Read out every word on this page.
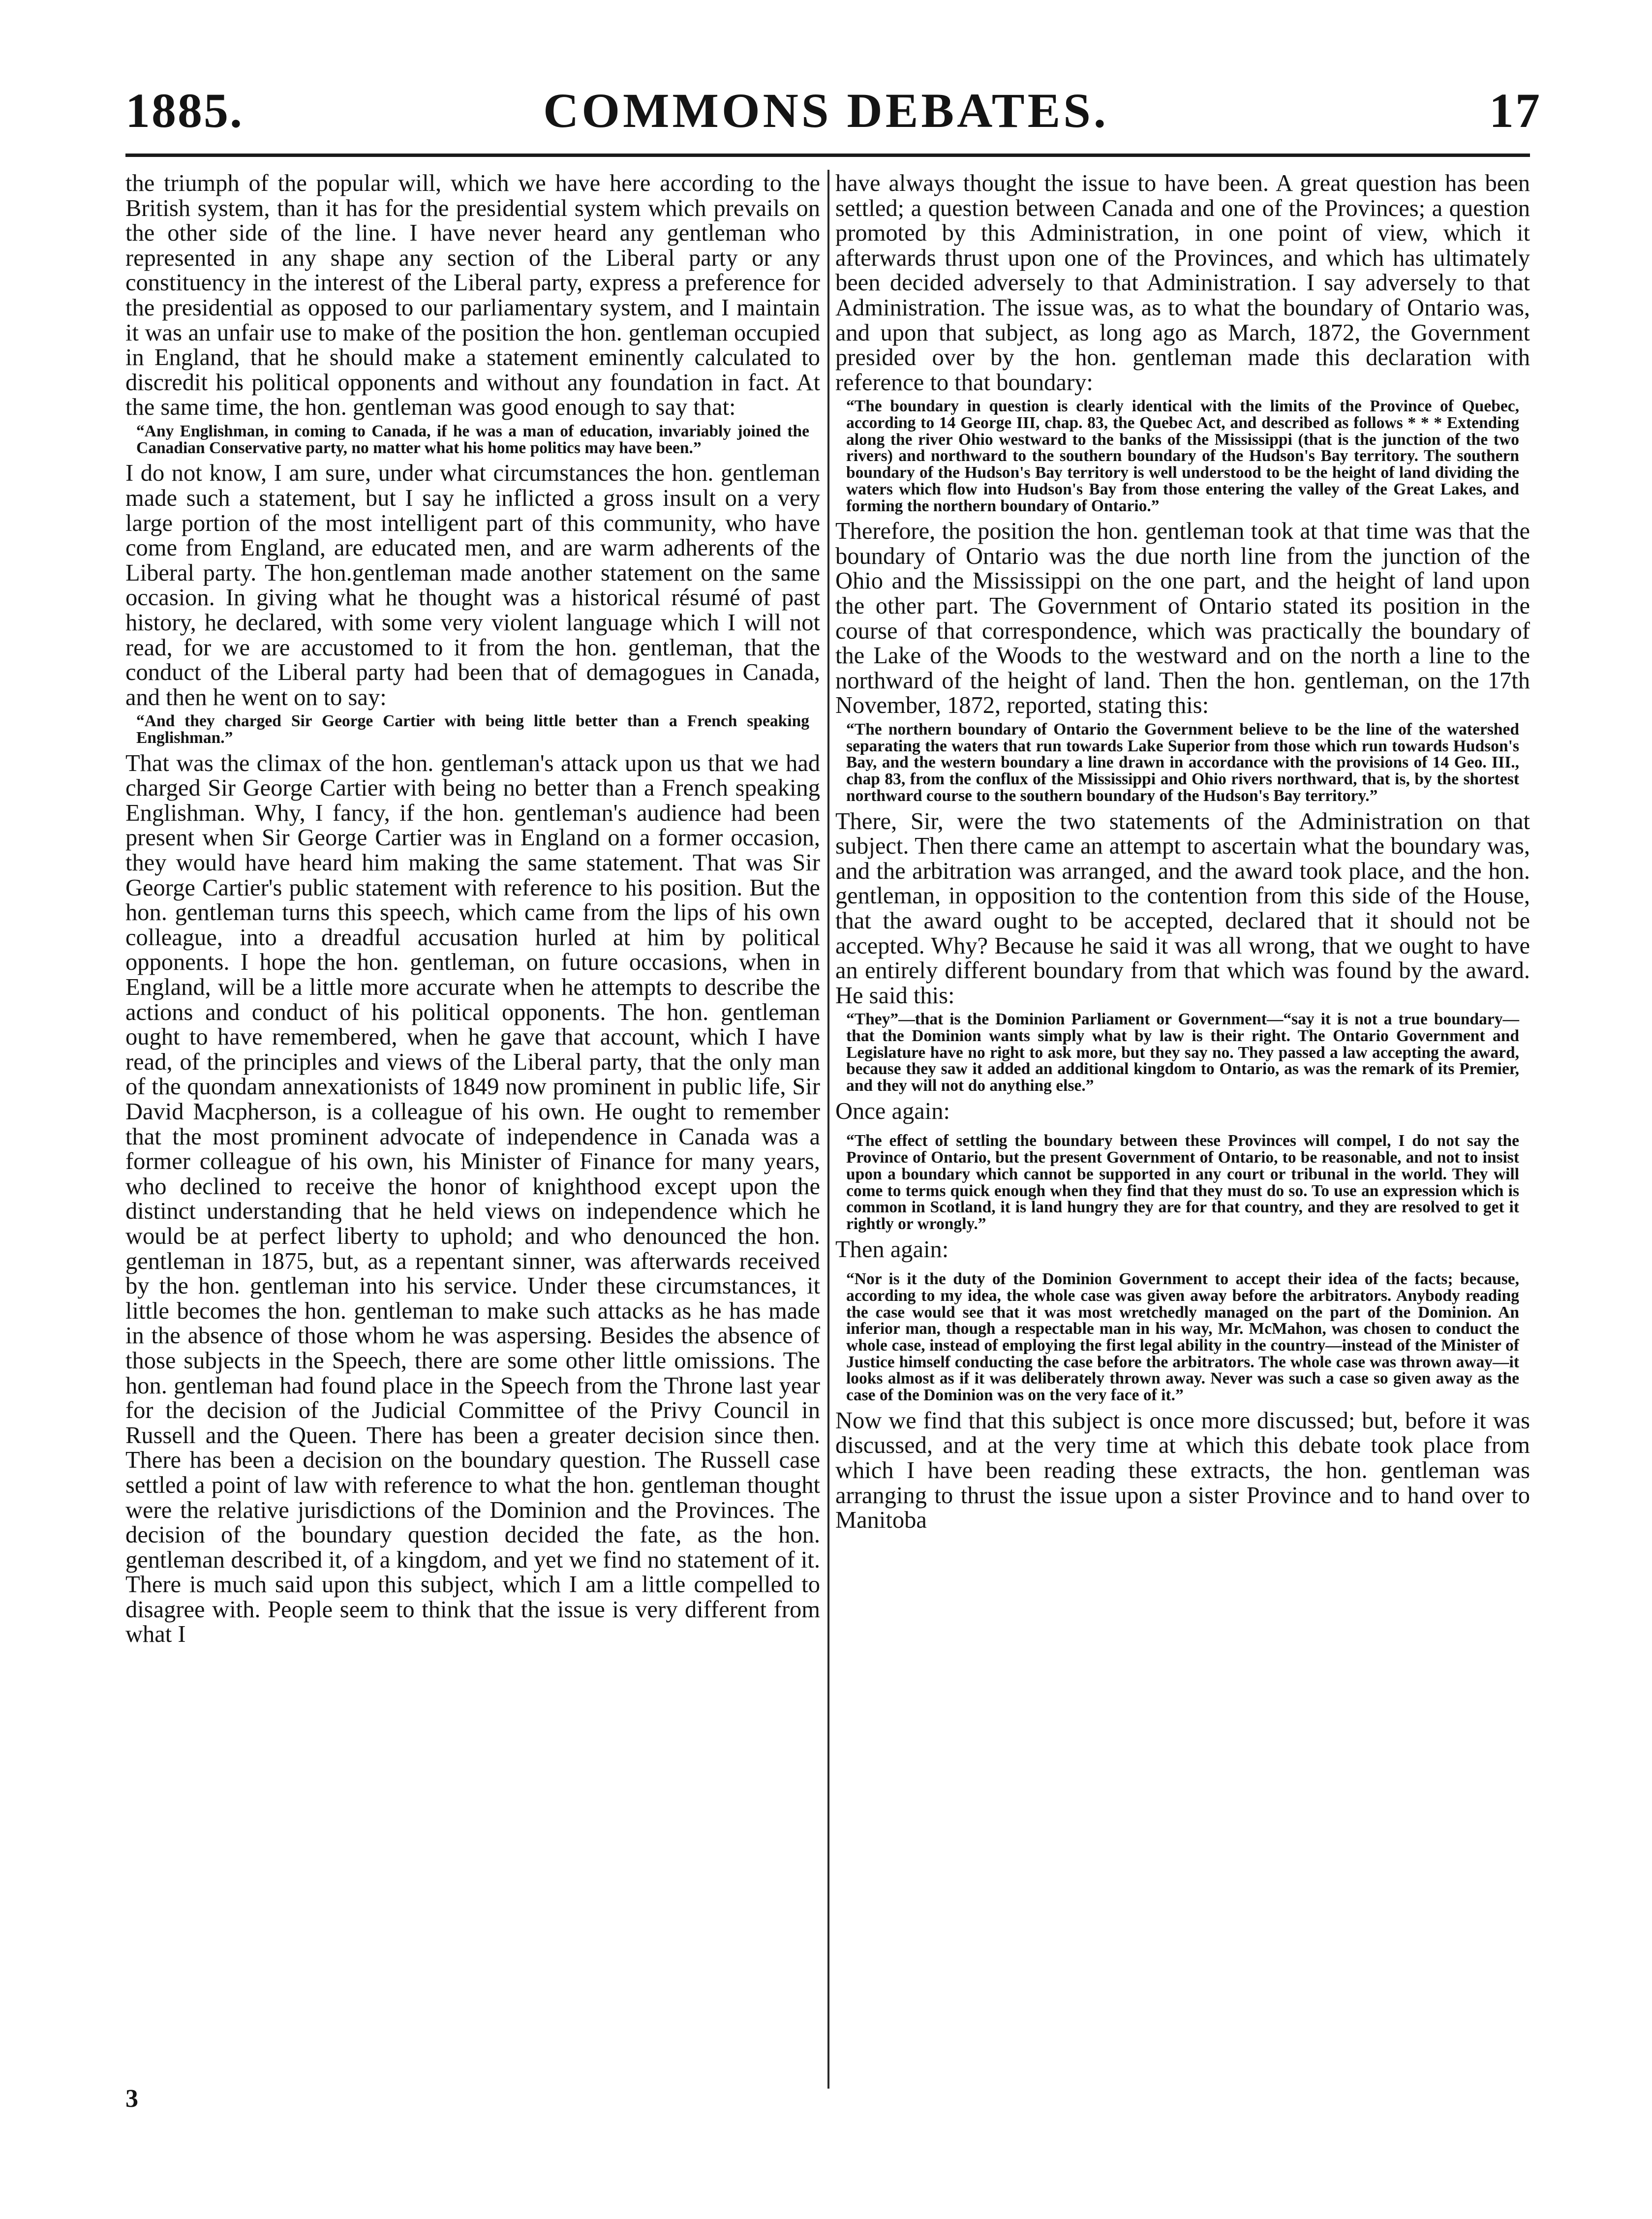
1885.	COMMONS DEBATES.	17

the triumph of the popular will, which we have here according to the British system, than it has for the presidential system which prevails on the other side of the line. I have never heard any gentleman who represented in any shape any section of the Liberal party or any constituency in the interest of the Liberal party, express a preference for the presidential as opposed to our parliamentary system, and I maintain it was an unfair use to make of the position the hon. gentleman occupied in England, that he should make a statement eminently calculated to discredit his political opponents and without any foundation in fact. At the same time, the hon. gentleman was good enough to say that:

“Any Englishman, in coming to Canada, if he was a man of education, invariably joined the Canadian Conservative party, no matter what his home politics may have been.”

I do not know, I am sure, under what circumstances the hon. gentleman made such a statement, but I say he inflicted a gross insult on a very large portion of the most intelligent part of this community, who have come from England, are educated men, and are warm adherents of the Liberal party. The hon.gentleman made another statement on the same occasion. In giving what he thought was a historical résumé of past history, he declared, with some very violent language which I will not read, for we are accustomed to it from the hon. gentleman, that the conduct of the Liberal party had been that of demagogues in Canada, and then he went on to say:

“And they charged Sir George Cartier with being little better than a French speaking Englishman.”

That was the climax of the hon. gentleman's attack upon us that we had charged Sir George Cartier with being no better than a French speaking Englishman. Why, I fancy, if the hon. gentleman's audience had been present when Sir George Cartier was in England on a former occasion, they would have heard him making the same statement. That was Sir George Cartier's public statement with reference to his position. But the hon. gentleman turns this speech, which came from the lips of his own colleague, into a dreadful accusation hurled at him by political opponents. I hope the hon. gentleman, on future occasions, when in England, will be a little more accurate when he attempts to describe the actions and conduct of his political opponents. The hon. gentleman ought to have remembered, when he gave that account, which I have read, of the principles and views of the Liberal party, that the only man of the quondam annexationists of 1849 now prominent in public life, Sir David Macpherson, is a colleague of his own. He ought to remember that the most prominent advocate of independence in Canada was a former colleague of his own, his Minister of Finance for many years, who declined to receive the honor of knighthood except upon the distinct understanding that he held views on independence which he would be at perfect liberty to uphold; and who denounced the hon. gentleman in 1875, but, as a repentant sinner, was afterwards received by the hon. gentleman into his service. Under these circumstances, it little becomes the hon. gentleman to make such attacks as he has made in the absence of those whom he was aspersing. Besides the absence of those subjects in the Speech, there are some other little omissions. The hon. gentleman had found place in the Speech from the Throne last year for the decision of the Judicial Committee of the Privy Council in Russell and the Queen. There has been a greater decision since then. There has been a decision on the boundary question. The Russell case settled a point of law with reference to what the hon. gentleman thought were the relative jurisdictions of the Dominion and the Provinces. The decision of the boundary question decided the fate, as the hon. gentleman described it, of a kingdom, and yet we find no statement of it. There is much said upon this subject, which I am a little compelled to disagree with. People seem to think that the issue is very different from what I

have always thought the issue to have been. A great question has been settled; a question between Canada and one of the Provinces; a question promoted by this Administration, in one point of view, which it afterwards thrust upon one of the Provinces, and which has ultimately been decided adversely to that Administration. I say adversely to that Administration. The issue was, as to what the boundary of Ontario was, and upon that subject, as long ago as March, 1872, the Government presided over by the hon. gentleman made this declaration with reference to that boundary:

“The boundary in question is clearly identical with the limits of the Province of Quebec, according to 14 George III, chap. 83, the Quebec Act, and described as follows * * * Extending along the river Ohio westward to the banks of the Mississippi (that is the junction of the two rivers) and northward to the southern boundary of the Hudson's Bay territory. The southern boundary of the Hudson's Bay territory is well understood to be the height of land dividing the waters which flow into Hudson's Bay from those entering the valley of the Great Lakes, and forming the northern boundary of Ontario.”

Therefore, the position the hon. gentleman took at that time was that the boundary of Ontario was the due north line from the junction of the Ohio and the Mississippi on the one part, and the height of land upon the other part. The Government of Ontario stated its position in the course of that correspondence, which was practically the boundary of the Lake of the Woods to the westward and on the north a line to the northward of the height of land. Then the hon. gentleman, on the 17th November, 1872, reported, stating this:

“The northern boundary of Ontario the Government believe to be the line of the watershed separating the waters that run towards Lake Superior from those which run towards Hudson's Bay, and the western boundary a line drawn in accordance with the provisions of 14 Geo. III., chap 83, from the conflux of the Mississippi and Ohio rivers northward, that is, by the shortest northward course to the southern boundary of the Hudson's Bay territory.”

There, Sir, were the two statements of the Administration on that subject. Then there came an attempt to ascertain what the boundary was, and the arbitration was arranged, and the award took place, and the hon. gentleman, in opposition to the contention from this side of the House, that the award ought to be accepted, declared that it should not be accepted. Why? Because he said it was all wrong, that we ought to have an entirely different boundary from that which was found by the award. He said this:

“They”—that is the Dominion Parliament or Government—“say it is not a true boundary—that the Dominion wants simply what by law is their right. The Ontario Government and Legislature have no right to ask more, but they say no. They passed a law accepting the award, because they saw it added an additional kingdom to Ontario, as was the remark of its Premier, and they will not do anything else.”

Once again:

“The effect of settling the boundary between these Provinces will compel, I do not say the Province of Ontario, but the present Government of Ontario, to be reasonable, and not to insist upon a boundary which cannot be supported in any court or tribunal in the world. They will come to terms quick enough when they find that they must do so. To use an expression which is common in Scotland, it is land hungry they are for that country, and they are resolved to get it rightly or wrongly.”

Then again:

“Nor is it the duty of the Dominion Government to accept their idea of the facts; because, according to my idea, the whole case was given away before the arbitrators. Anybody reading the case would see that it was most wretchedly managed on the part of the Dominion. An inferior man, though a respectable man in his way, Mr. McMahon, was chosen to conduct the whole case, instead of employing the first legal ability in the country—instead of the Minister of Justice himself conducting the case before the arbitrators. The whole case was thrown away—it looks almost as if it was deliberately thrown away. Never was such a case so given away as the case of the Dominion was on the very face of it.”

Now we find that this subject is once more discussed; but, before it was discussed, and at the very time at which this debate took place from which I have been reading these extracts, the hon. gentleman was arranging to thrust the issue upon a sister Province and to hand over to Manitoba

3
